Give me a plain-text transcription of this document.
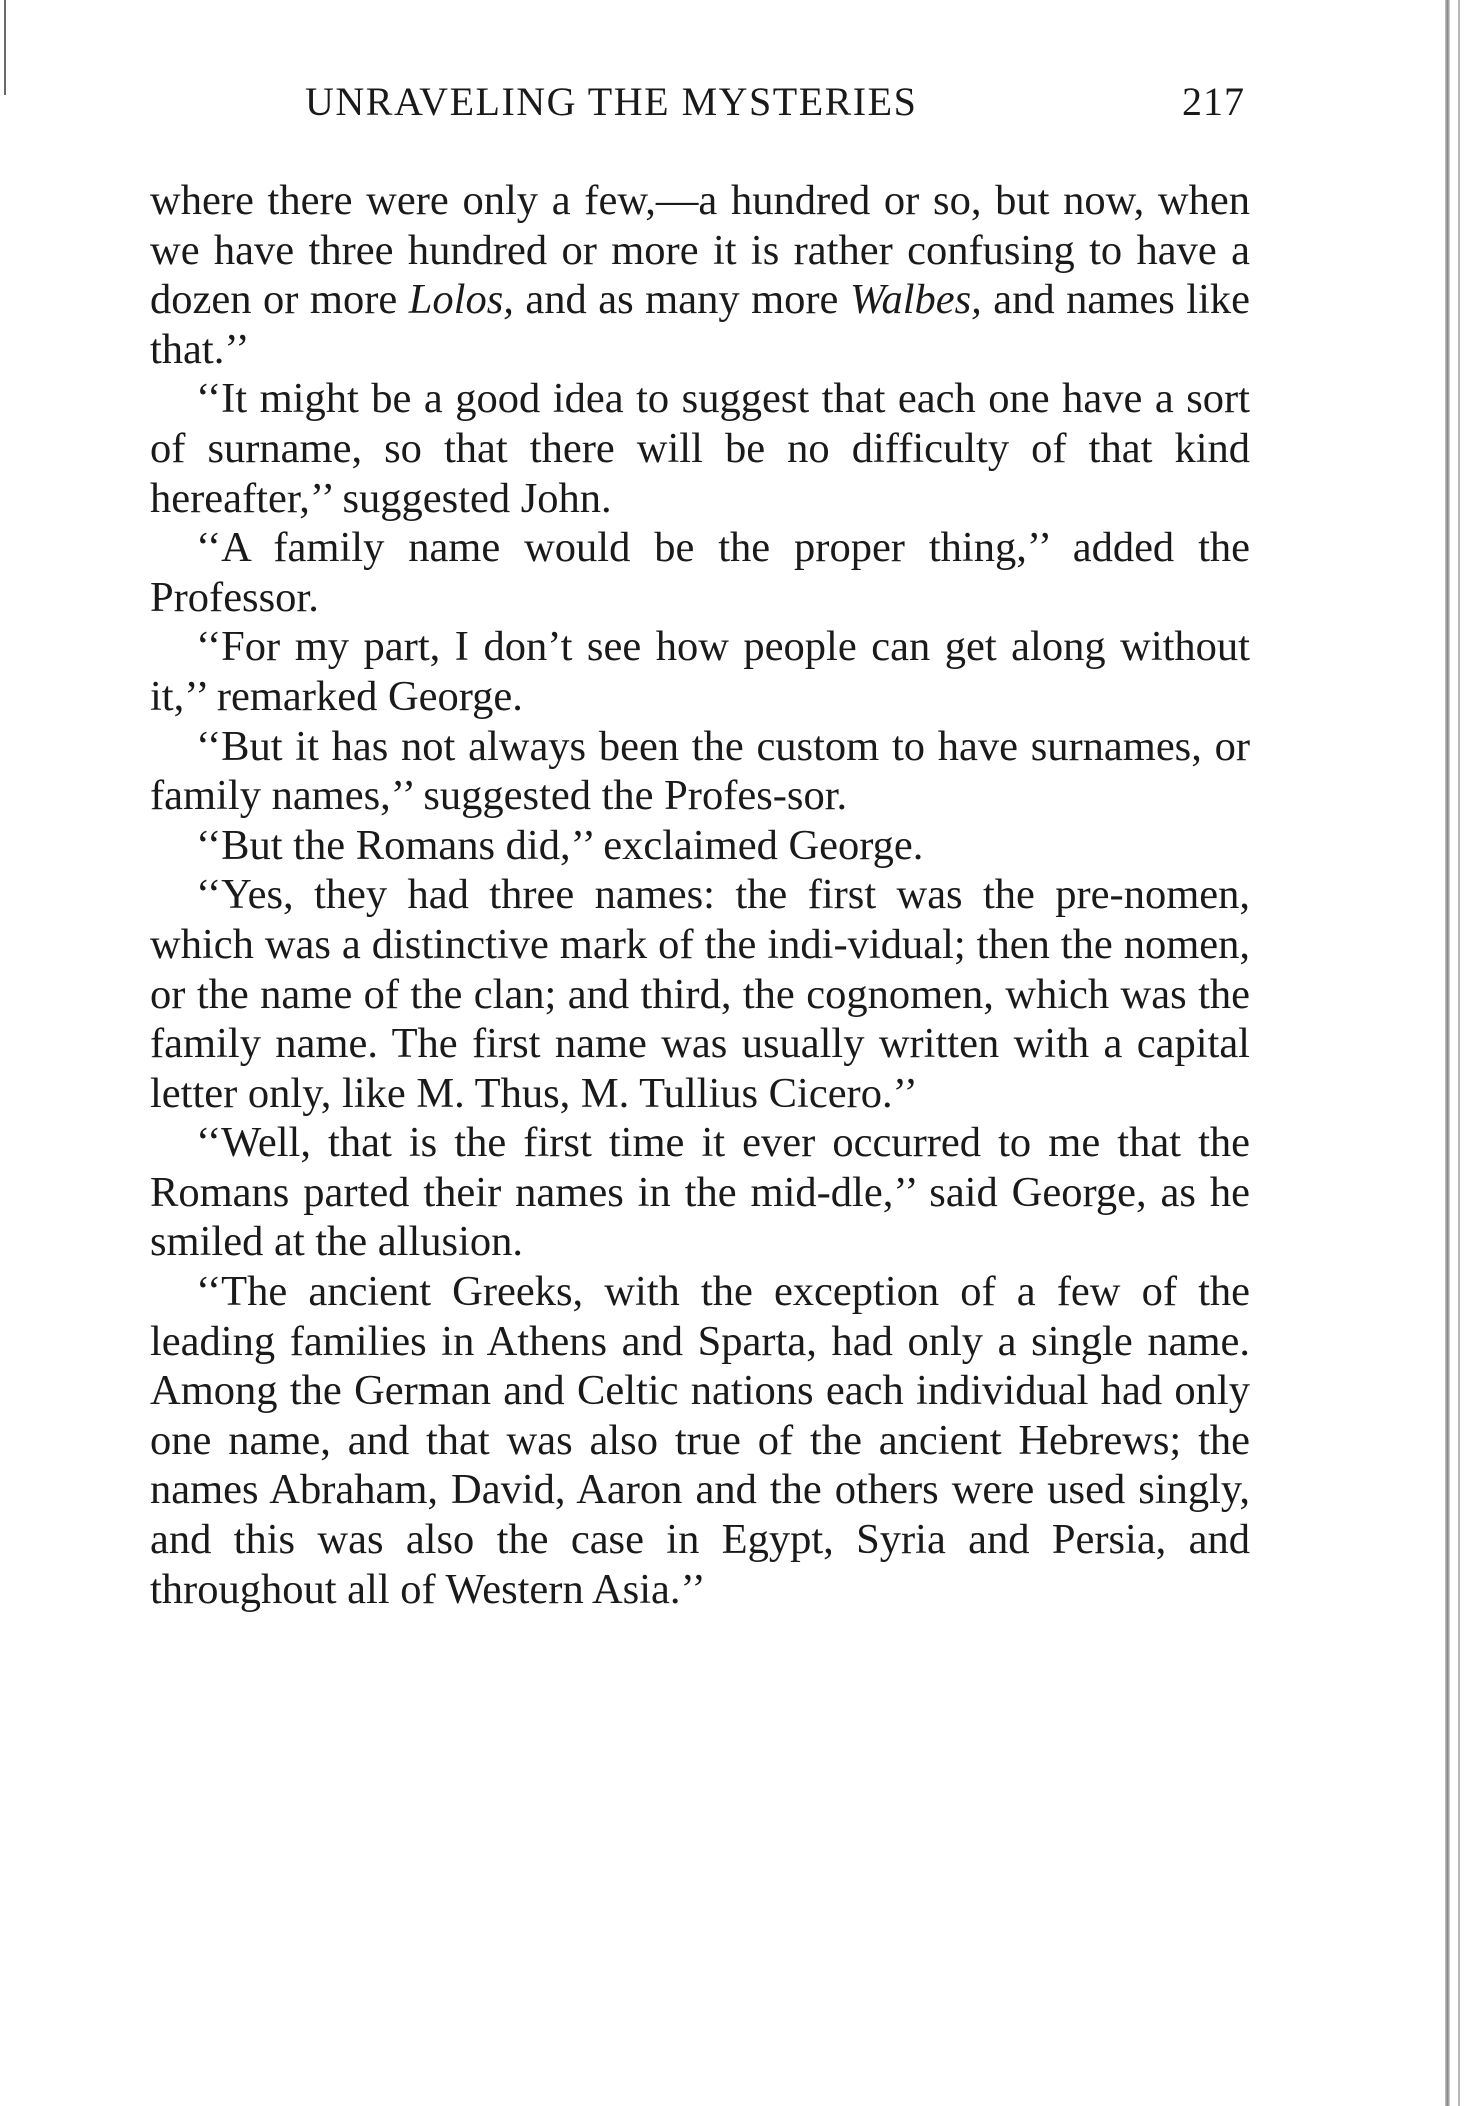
UNRAVELING THE MYSTERIES	217

where there were only a few,—a hundred or so, but now, when we have three hundred or more it is rather confusing to have a dozen or more Lolos, and as many more Walbes, and names like that.’’

‘‘It might be a good idea to suggest that each one have a sort of surname, so that there will be no difficulty of that kind hereafter,’’ suggested John.

‘‘A family name would be the proper thing,’’ added the Professor.

‘‘For my part, I don’t see how people can get along without it,’’ remarked George.

‘‘But it has not always been the custom to have surnames, or family names,’’ suggested the Profes-sor.

‘‘But the Romans did,’’ exclaimed George.

‘‘Yes, they had three names: the first was the pre-nomen, which was a distinctive mark of the indi-vidual; then the nomen, or the name of the clan; and third, the cognomen, which was the family name. The first name was usually written with a capital letter only, like M. Thus, M. Tullius Cicero.’’

‘‘Well, that is the first time it ever occurred to me that the Romans parted their names in the mid-dle,’’ said George, as he smiled at the allusion.

‘‘The ancient Greeks, with the exception of a few of the leading families in Athens and Sparta, had only a single name. Among the German and Celtic nations each individual had only one name, and that was also true of the ancient Hebrews; the names Abraham, David, Aaron and the others were used singly, and this was also the case in Egypt, Syria and Persia, and throughout all of Western Asia.’’
